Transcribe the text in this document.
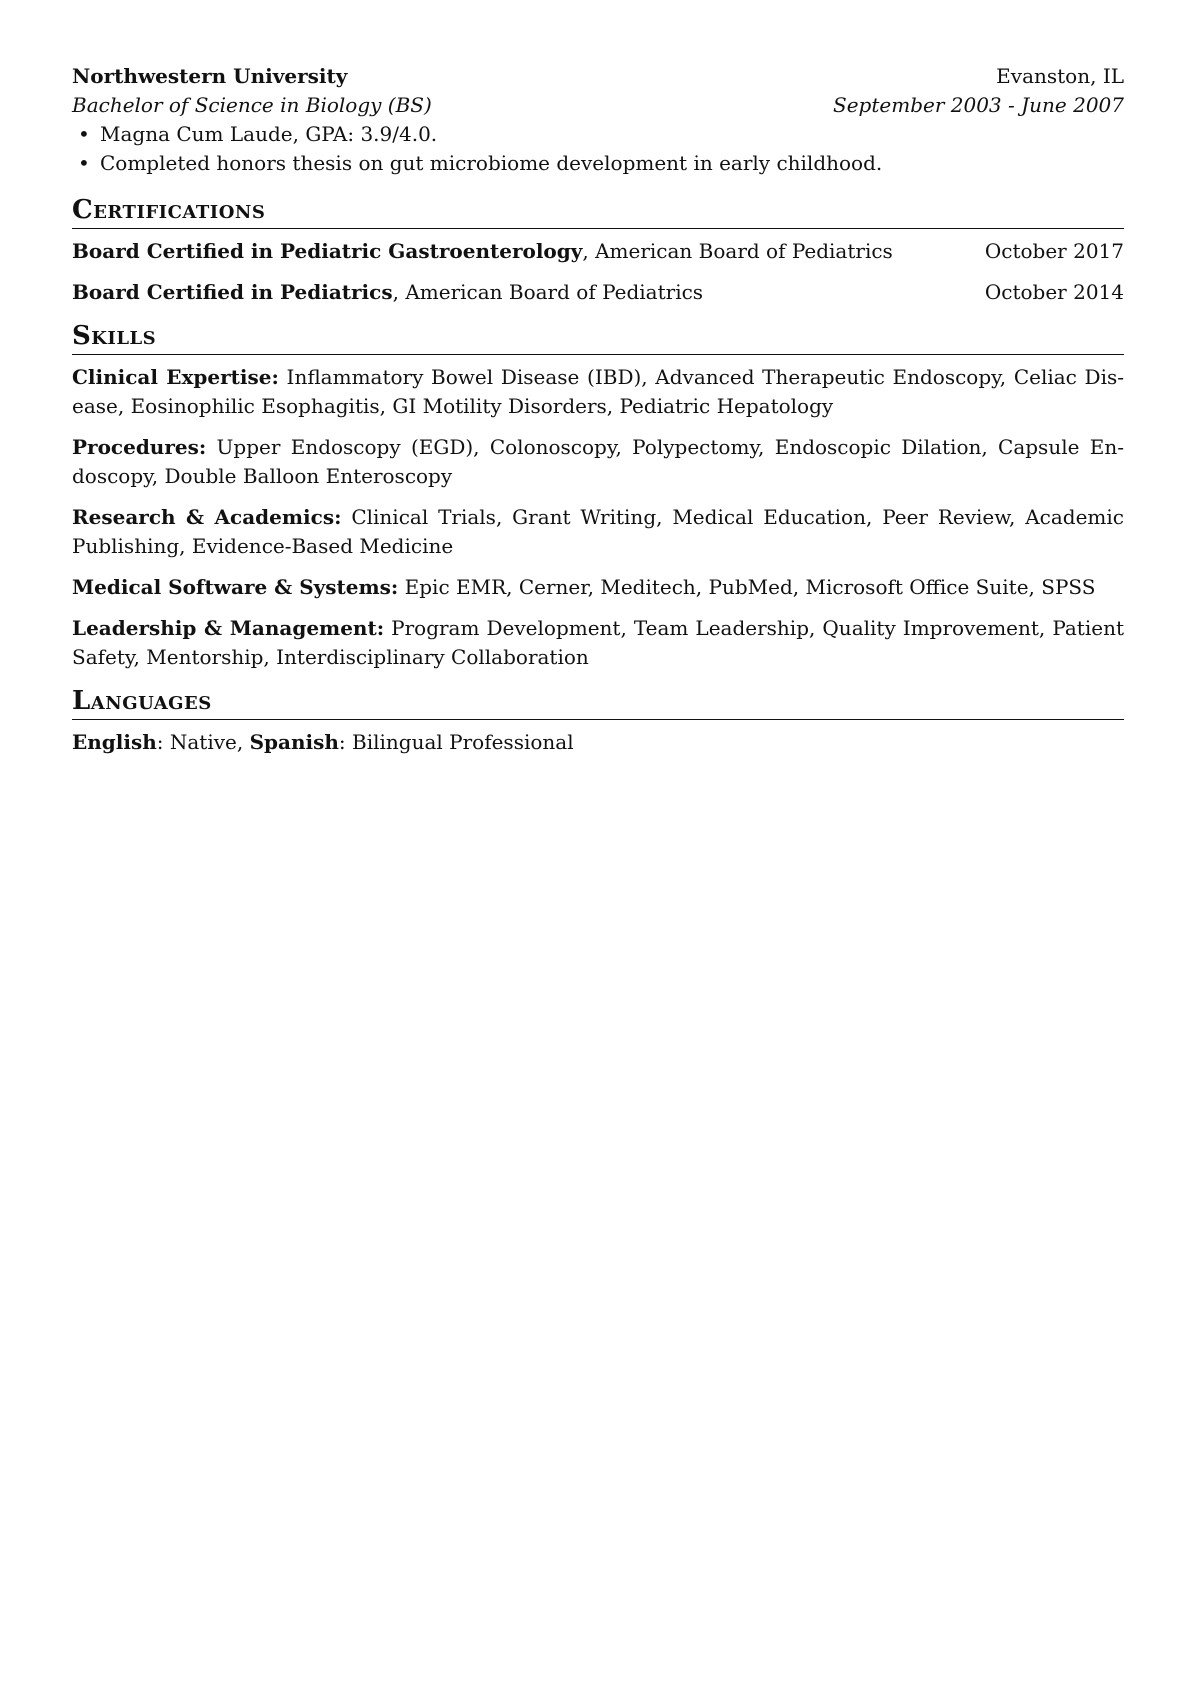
Northwestern University	Evanston, IL
Bachelor of Science in Biology (BS)	September 2003 - June 2007
• Magna Cum Laude, GPA: 3.9/4.0.
• Completed honors thesis on gut microbiome development in early childhood.
Certifications
Board Certified in Pediatric Gastroenterology, American Board of Pediatrics	October 2017
Board Certified in Pediatrics, American Board of Pediatrics	October 2014
Skills
Clinical Expertise: Inflammatory Bowel Disease (IBD), Advanced Therapeutic Endoscopy, Celiac Disease, Eosinophilic Esophagitis, GI Motility Disorders, Pediatric Hepatology
Procedures: Upper Endoscopy (EGD), Colonoscopy, Polypectomy, Endoscopic Dilation, Capsule Endoscopy, Double Balloon Enteroscopy
Research & Academics: Clinical Trials, Grant Writing, Medical Education, Peer Review, Academic Publishing, Evidence-Based Medicine
Medical Software & Systems: Epic EMR, Cerner, Meditech, PubMed, Microsoft Office Suite, SPSS
Leadership & Management: Program Development, Team Leadership, Quality Improvement, Patient Safety, Mentorship, Interdisciplinary Collaboration
Languages
English: Native, Spanish: Bilingual Professional
